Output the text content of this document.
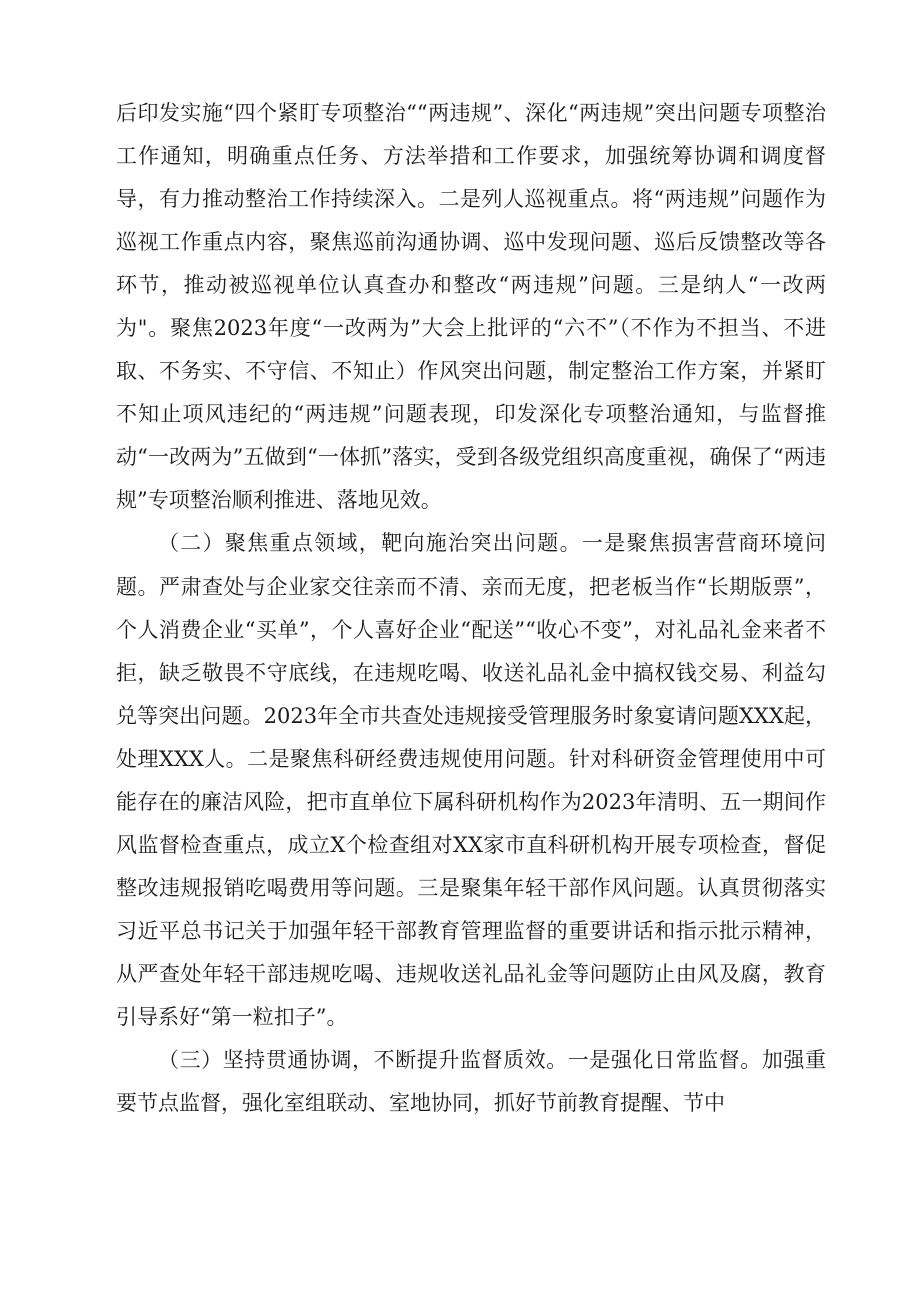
后印发实施“四个紧盯专项整治““两违规”、深化“两违规”突出问题专项整治工作通知，明确重点任务、方法举措和工作要求，加强统筹协调和调度督导，有力推动整治工作持续深入。二是列人巡视重点。将“两违规”问题作为巡视工作重点内容，聚焦巡前沟通协调、巡中发现问题、巡后反馈整改等各环节，推动被巡视单位认真查办和整改“两违规”问题。三是纳人“一改两为"。聚焦2023年度“一改两为”大会上批评的“六不”（不作为不担当、不进取、不务实、不守信、不知止）作风突出问题，制定整治工作方案，并紧盯不知止项风违纪的“两违规”问题表现，印发深化专项整治通知，与监督推动“一改两为”五做到“一体抓”落实，受到各级党组织高度重视，确保了“两违规”专项整治顺利推进、落地见效。

（二）聚焦重点领域，靶向施治突出问题。一是聚焦损害营商环境问题。严肃查处与企业家交往亲而不清、亲而无度，把老板当作“长期版票”，个人消费企业“买单”，个人喜好企业“配送”“收心不变”，对礼品礼金来者不拒，缺乏敬畏不守底线，在违规吃喝、收送礼品礼金中搞权钱交易、利益勾兑等突出问题。2023年全市共查处违规接受管理服务时象宴请问题XXX起，处理XXX人。二是聚焦科研经费违规使用问题。针对科研资金管理使用中可能存在的廉洁风险，把市直单位下属科研机构作为2023年清明、五一期间作风监督检查重点，成立X个检查组对XX家市直科研机构开展专项检查，督促整改违规报销吃喝费用等问题。三是聚集年轻干部作风问题。认真贯彻落实习近平总书记关于加强年轻干部教育管理监督的重要讲话和指示批示精神，从严查处年轻干部违规吃喝、违规收送礼品礼金等问题防止由风及腐，教育引导系好“第一粒扣子”。

（三）坚持贯通协调，不断提升监督质效。一是强化日常监督。加强重要节点监督，强化室组联动、室地协同，抓好节前教育提醒、节中
